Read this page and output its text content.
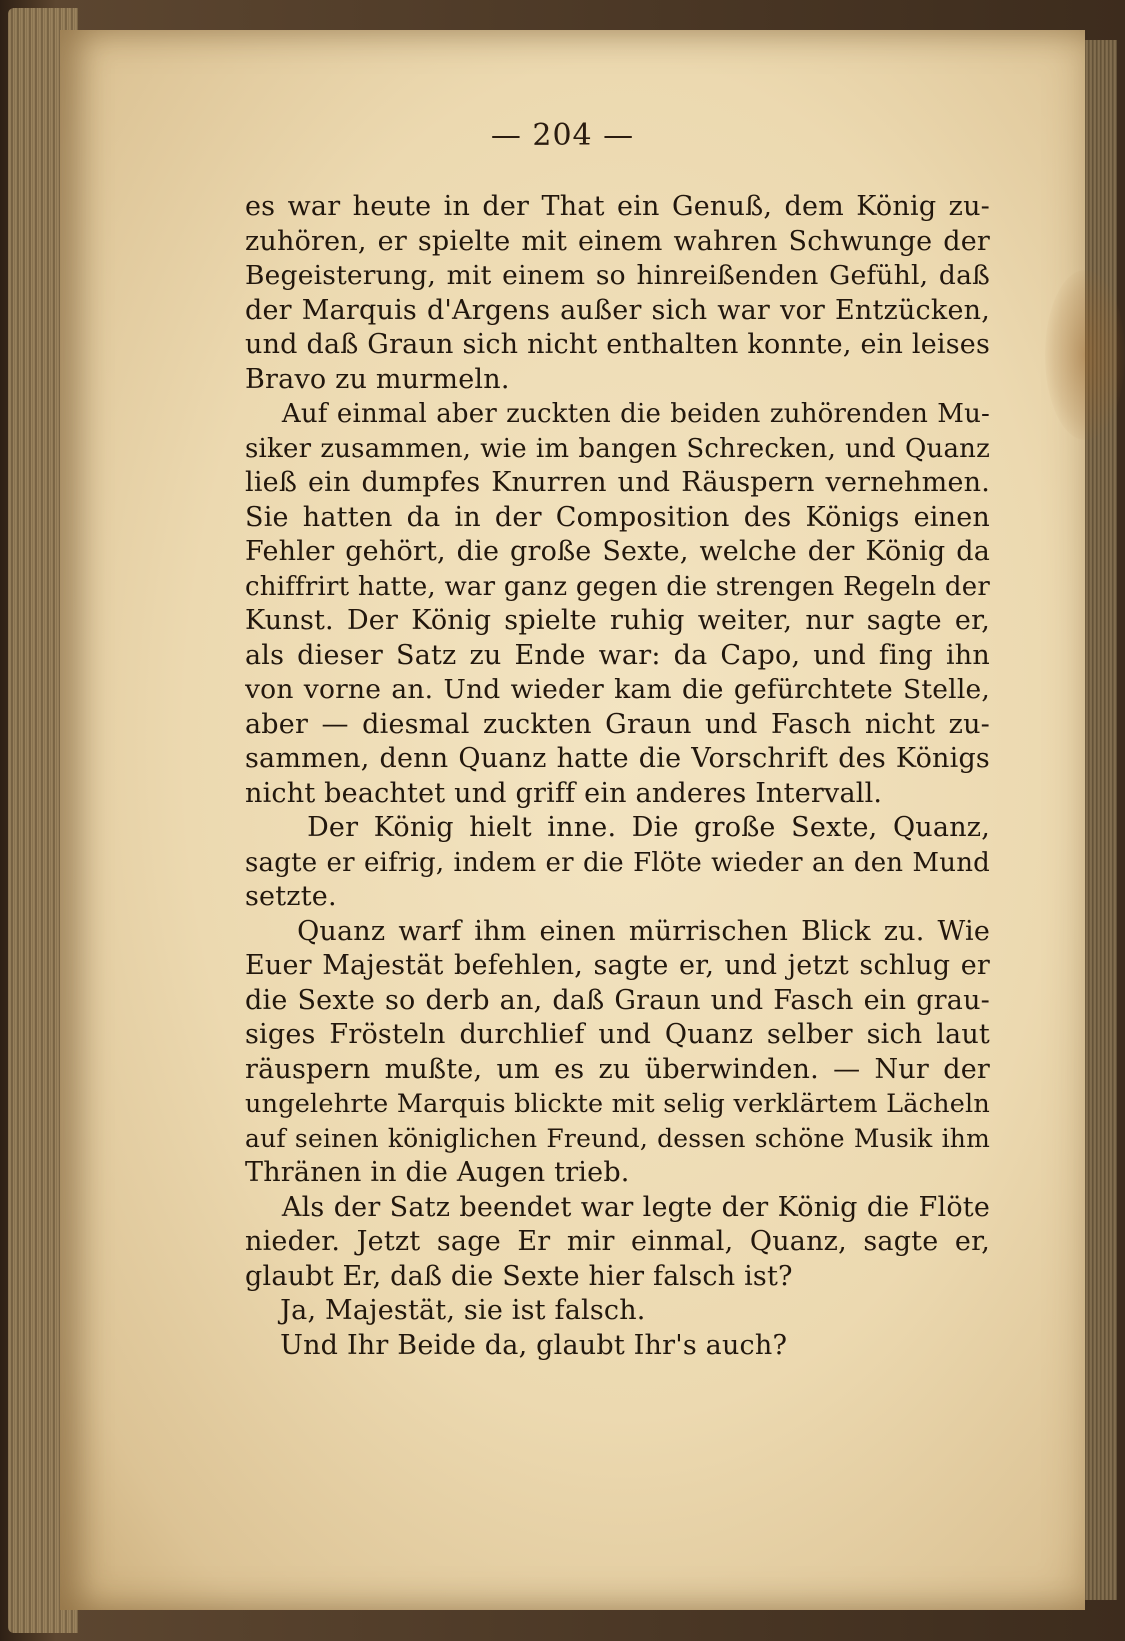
— 204 —
es war heute in der That ein Genuß, dem König zu-
zuhören, er spielte mit einem wahren Schwunge der
Begeisterung, mit einem so hinreißenden Gefühl, daß
der Marquis d'Argens außer sich war vor Entzücken,
und daß Graun sich nicht enthalten konnte, ein leises
Bravo zu murmeln.
Auf einmal aber zuckten die beiden zuhörenden Mu-
siker zusammen, wie im bangen Schrecken, und Quanz
ließ ein dumpfes Knurren und Räuspern vernehmen.
Sie hatten da in der Composition des Königs einen
Fehler gehört, die große Sexte, welche der König da
chiffrirt hatte, war ganz gegen die strengen Regeln der
Kunst. Der König spielte ruhig weiter, nur sagte er,
als dieser Satz zu Ende war: da Capo, und fing ihn
von vorne an. Und wieder kam die gefürchtete Stelle,
aber — diesmal zuckten Graun und Fasch nicht zu-
sammen, denn Quanz hatte die Vorschrift des Königs
nicht beachtet und griff ein anderes Intervall.
Der König hielt inne. Die große Sexte, Quanz,
sagte er eifrig, indem er die Flöte wieder an den Mund
setzte.
Quanz warf ihm einen mürrischen Blick zu. Wie
Euer Majestät befehlen, sagte er, und jetzt schlug er
die Sexte so derb an, daß Graun und Fasch ein grau-
siges Frösteln durchlief und Quanz selber sich laut
räuspern mußte, um es zu überwinden. — Nur der
ungelehrte Marquis blickte mit selig verklärtem Lächeln
auf seinen königlichen Freund, dessen schöne Musik ihm
Thränen in die Augen trieb.
Als der Satz beendet war legte der König die Flöte
nieder. Jetzt sage Er mir einmal, Quanz, sagte er,
glaubt Er, daß die Sexte hier falsch ist?
Ja, Majestät, sie ist falsch.
Und Ihr Beide da, glaubt Ihr's auch?
